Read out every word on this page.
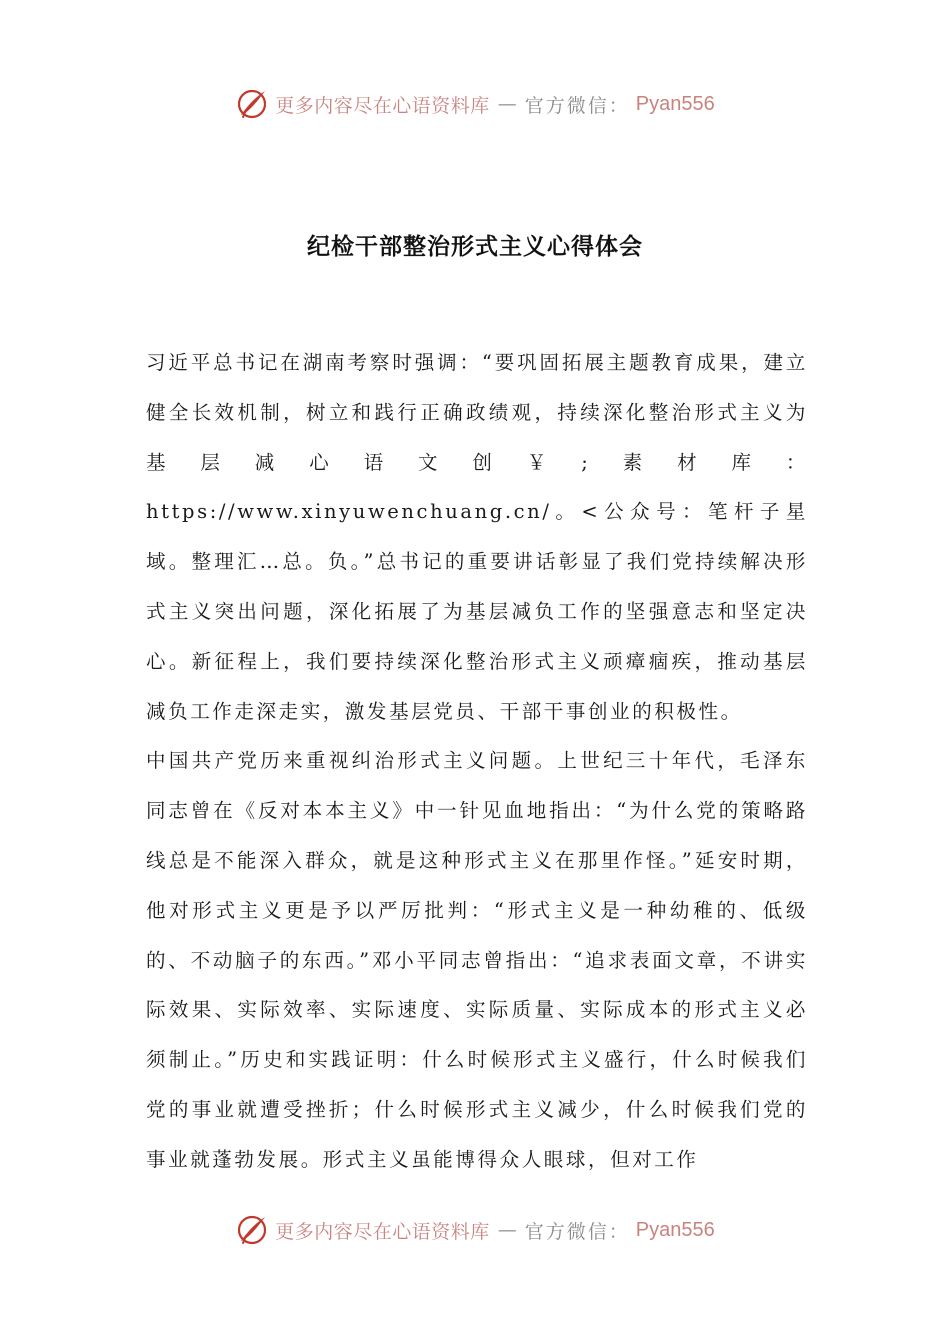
更多内容尽在心语资料库 — 官方微信： Pyan556
纪检干部整治形式主义心得体会

习近平总书记在湖南考察时强调：“要巩固拓展主题教育成果，建立健全长效机制，树立和践行正确政绩观，持续深化整治形式主义为基层减心语文创￥;素材库：https://www.xinyuwenchuang.cn/。<公众号：笔杆子星域。整理汇…总。负。”总书记的重要讲话彰显了我们党持续解决形式主义突出问题，深化拓展了为基层减负工作的坚强意志和坚定决心。新征程上，我们要持续深化整治形式主义顽瘴痼疾，推动基层减负工作走深走实，激发基层党员、干部干事创业的积极性。

中国共产党历来重视纠治形式主义问题。上世纪三十年代，毛泽东同志曾在《反对本本主义》中一针见血地指出：“为什么党的策略路线总是不能深入群众，就是这种形式主义在那里作怪。”延安时期，他对形式主义更是予以严厉批判：“形式主义是一种幼稚的、低级的、不动脑子的东西。”邓小平同志曾指出：“追求表面文章，不讲实际效果、实际效率、实际速度、实际质量、实际成本的形式主义必须制止。”历史和实践证明：什么时候形式主义盛行，什么时候我们党的事业就遭受挫折；什么时候形式主义减少，什么时候我们党的事业就蓬勃发展。形式主义虽能博得众人眼球，但对工作

更多内容尽在心语资料库 — 官方微信： Pyan556
